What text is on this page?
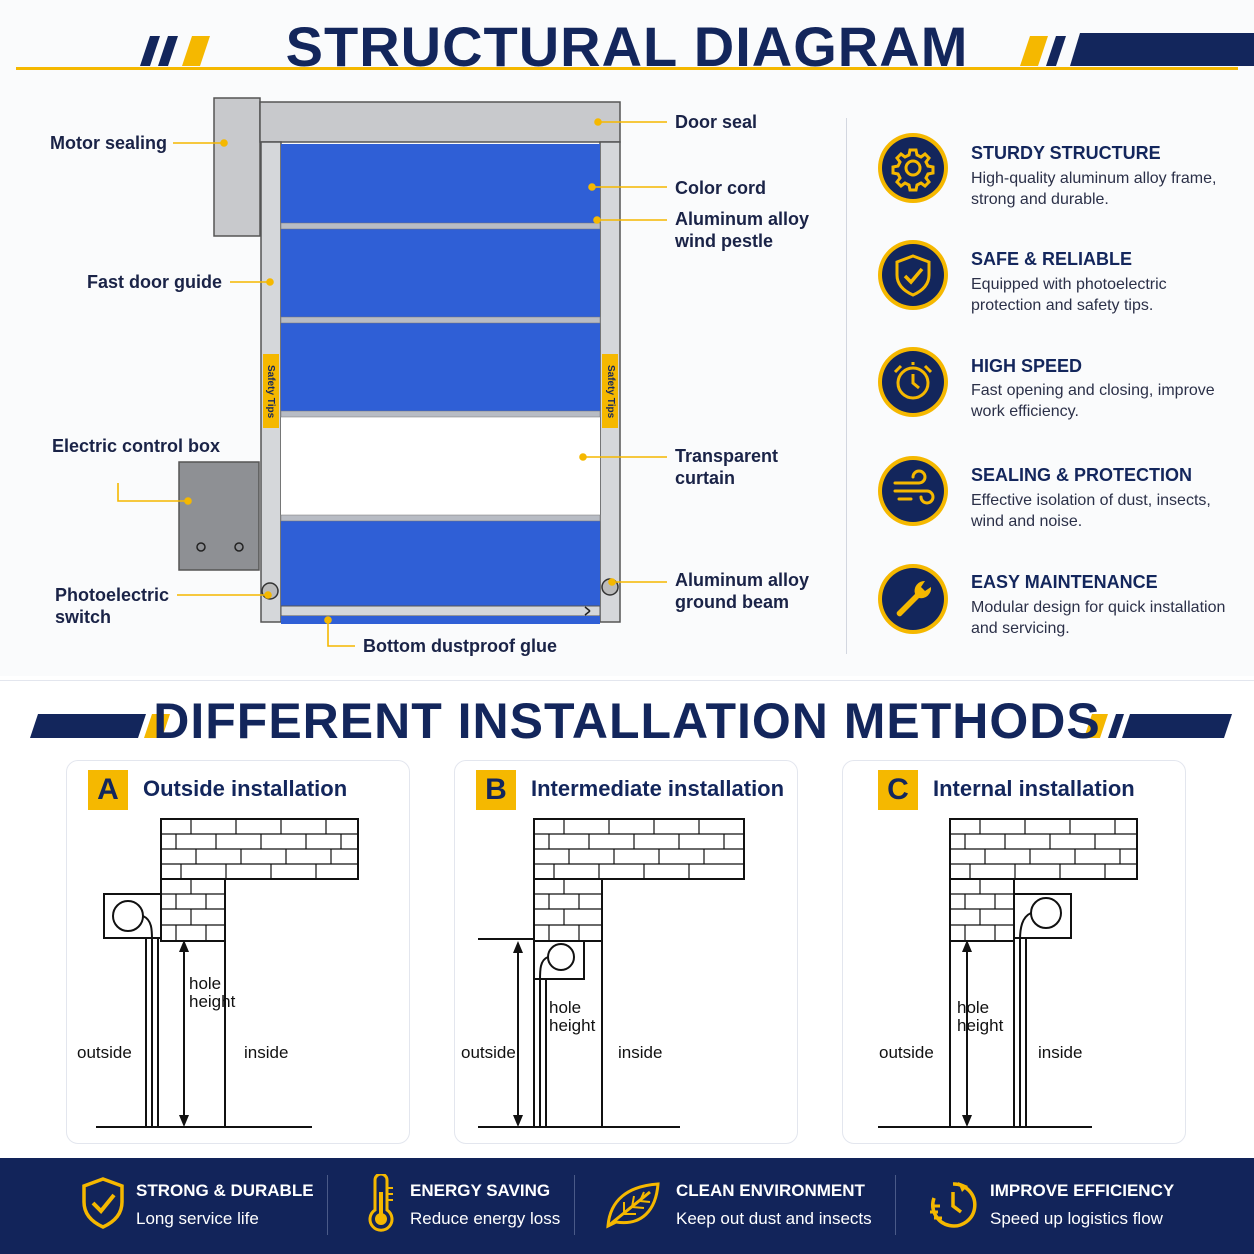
STRUCTURAL DIAGRAM
Safety Tips	Safety Tips
Motor sealing
Fast door guide
Electric control box
Photoelectric
switch
Door seal
Color cord
Aluminum alloy
wind pestle
Transparent
curtain
Aluminum alloy
ground beam
Bottom dustproof glue
STURDY STRUCTURE
High-quality aluminum alloy frame, strong and durable.
SAFE & RELIABLE
Equipped with photoelectric protection and safety tips.
HIGH SPEED
Fast opening and closing, improve work efficiency.
SEALING & PROTECTION
Effective isolation of dust, insects, wind and noise.
EASY MAINTENANCE
Modular design for quick installation and servicing.
DIFFERENT INSTALLATION METHODS
A	Outside installation	B	Intermediate installation	C	Internal installation
hole
height
outside	inside
hole
height
outside	inside
hole
height
outside	inside
STRONG & DURABLE
Long service life
ENERGY SAVING
Reduce energy loss
CLEAN ENVIRONMENT
Keep out dust and insects
IMPROVE EFFICIENCY
Speed up logistics flow
